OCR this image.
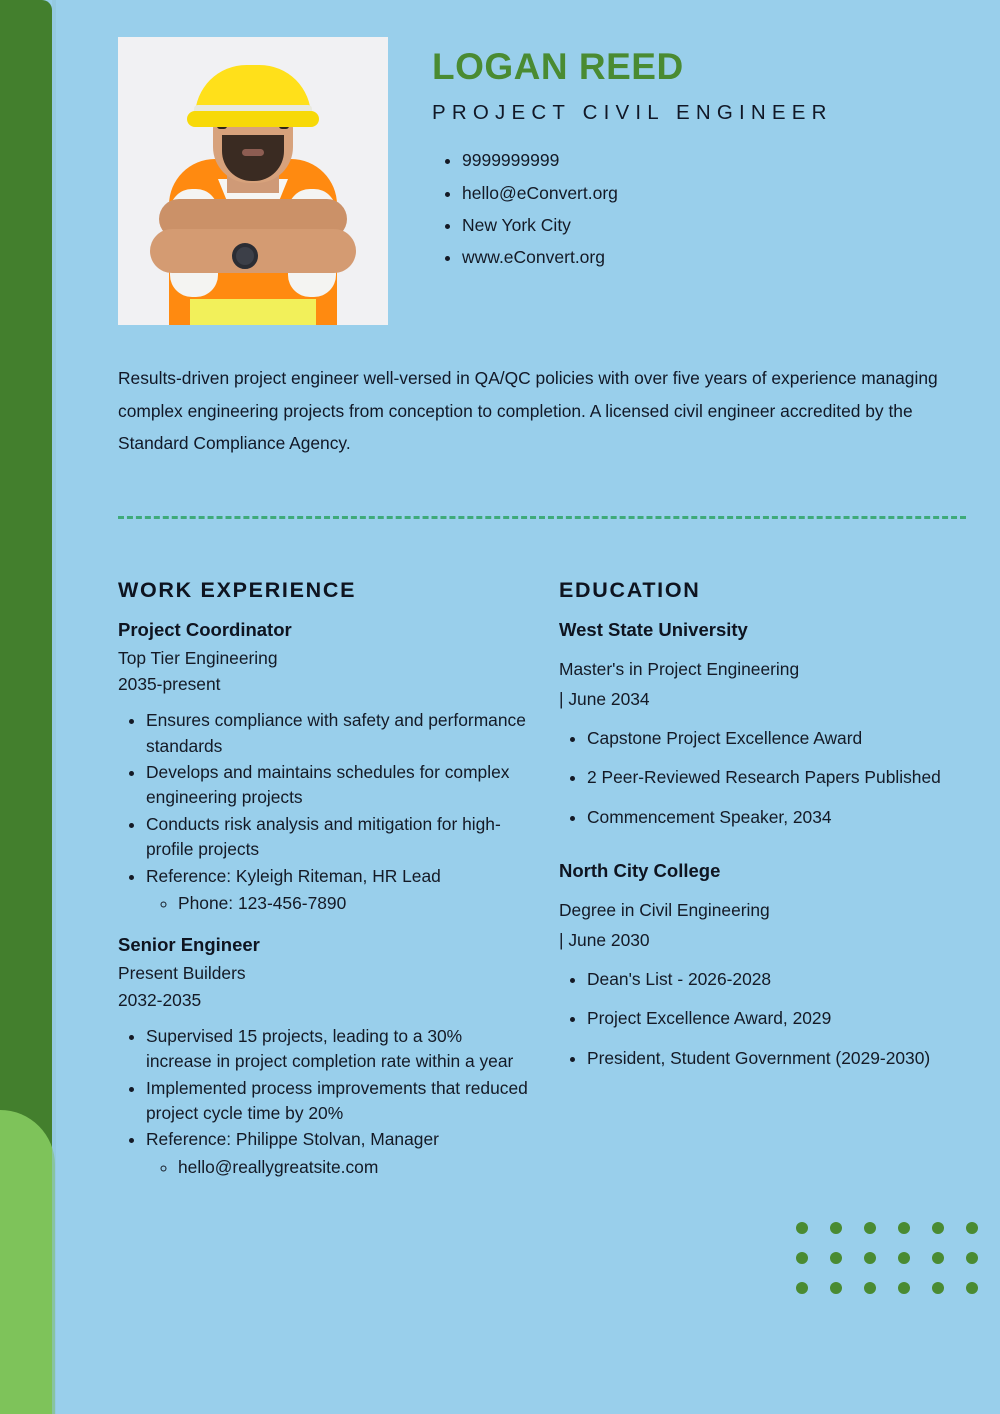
LOGAN REED
PROJECT CIVIL ENGINEER
• 9999999999
• hello@eConvert.org
• New York City
• www.eConvert.org
Results-driven project engineer well-versed in QA/QC policies with over five years of experience managing complex engineering projects from conception to completion. A licensed civil engineer accredited by the Standard Compliance Agency.
WORK EXPERIENCE
Project Coordinator
Top Tier Engineering
2035-present
• Ensures compliance with safety and performance standards
• Develops and maintains schedules for complex engineering projects
• Conducts risk analysis and mitigation for high-profile projects
• Reference: Kyleigh Riteman, HR Lead
◦ Phone: 123-456-7890
Senior Engineer
Present Builders
2032-2035
• Supervised 15 projects, leading to a 30% increase in project completion rate within a year
• Implemented process improvements that reduced project cycle time by 20%
• Reference: Philippe Stolvan, Manager
◦ hello@reallygreatsite.com
EDUCATION
West State University
Master's in Project Engineering
| June 2034
• Capstone Project Excellence Award
• 2 Peer-Reviewed Research Papers Published
• Commencement Speaker, 2034
North City College
Degree in Civil Engineering
| June 2030
• Dean's List - 2026-2028
• Project Excellence Award, 2029
• President, Student Government (2029-2030)
